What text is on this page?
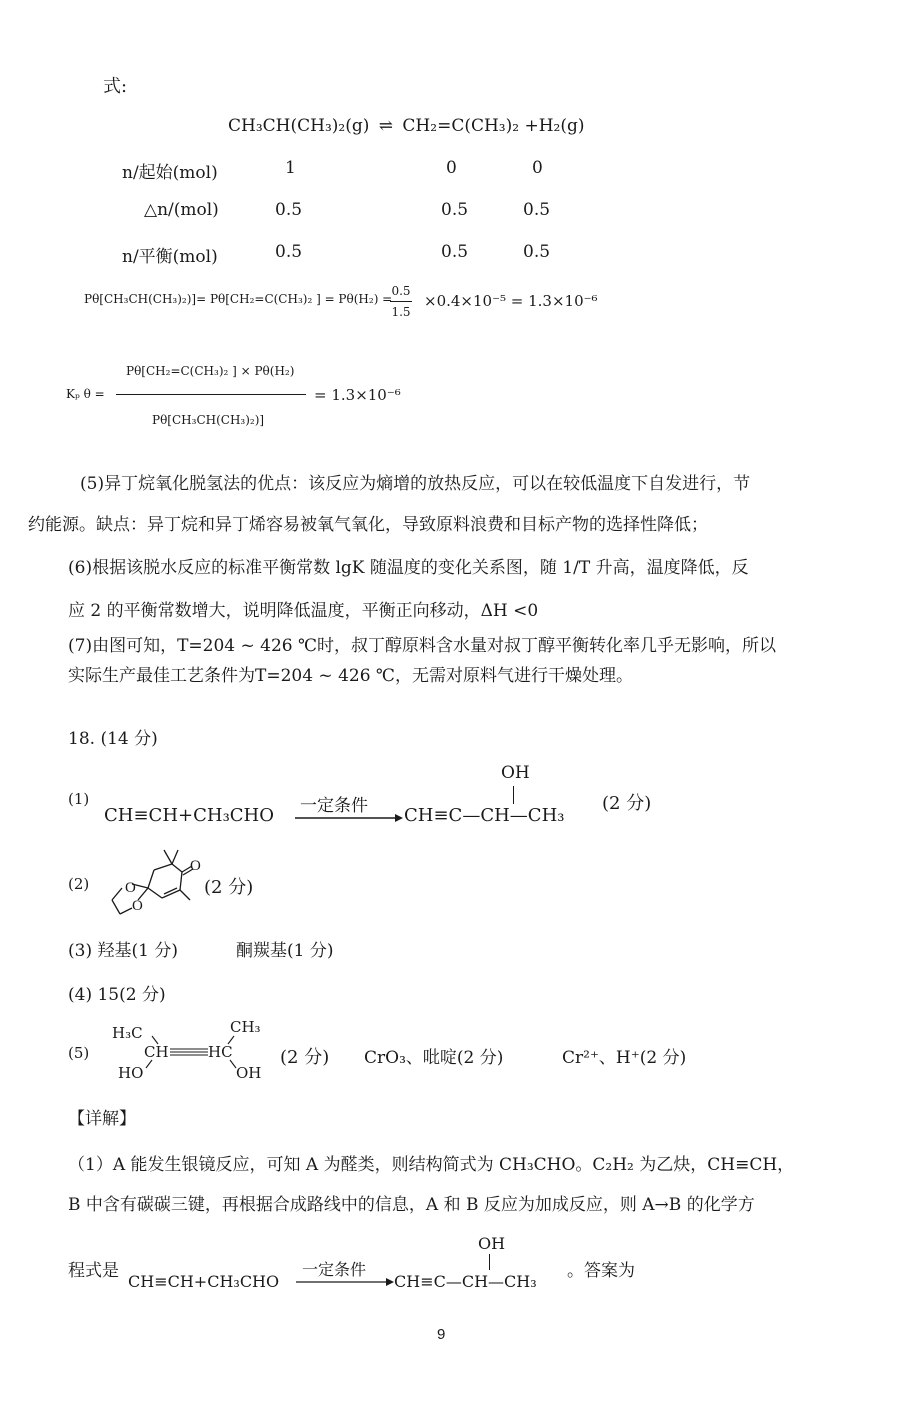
式:
CH₃CH(CH₃)₂(g) ⇌ CH₂=C(CH₃)₂ +H₂(g)
n/起始(mol)	1	0	0
△n/(mol)	0.5	0.5	0.5
n/平衡(mol)	0.5	0.5	0.5
Pθ[CH₃CH(CH₃)₂)]= Pθ[CH₂=C(CH₃)₂ ] = Pθ(H₂) =
0.5
1.5
×0.4×10⁻⁵ = 1.3×10⁻⁶
Kₚ θ =
Pθ[CH₂=C(CH₃)₂ ] × Pθ(H₂)
Pθ[CH₃CH(CH₃)₂)]
= 1.3×10⁻⁶
(5)异丁烷氧化脱氢法的优点：该反应为熵增的放热反应，可以在较低温度下自发进行，节
约能源。缺点：异丁烷和异丁烯容易被氧气氧化，导致原料浪费和目标产物的选择性降低；
(6)根据该脱水反应的标准平衡常数 lgK 随温度的变化关系图，随 1/T 升高，温度降低，反
应 2 的平衡常数增大，说明降低温度，平衡正向移动，ΔH <0
(7)由图可知，T=204 ~ 426 ℃时，叔丁醇原料含水量对叔丁醇平衡转化率几乎无影响，所以
实际生产最佳工艺条件为T=204 ~ 426 ℃，无需对原料气进行干燥处理。
18. (14 分)
(1)
CH≡CH+CH₃CHO 一定条件 CH≡C—CH—CH₃
OH
(2 分)
(2) O
O
O
(2 分)
(3) 羟基(1 分)	酮羰基(1 分)
(4) 15(2 分)
(5)
H₃C
CH	HC
CH₃
HO	OH
(2 分) CrO₃、吡啶(2 分)	Cr²⁺、H⁺(2 分)
【详解】
（1）A 能发生银镜反应，可知 A 为醛类，则结构简式为 CH₃CHO。C₂H₂ 为乙炔，CH≡CH，
B 中含有碳碳三键，再根据合成路线中的信息，A 和 B 反应为加成反应，则 A→B 的化学方
程式是
CH≡CH+CH₃CHO
一定条件
CH≡C—CH—CH₃
OH
。答案为
9
